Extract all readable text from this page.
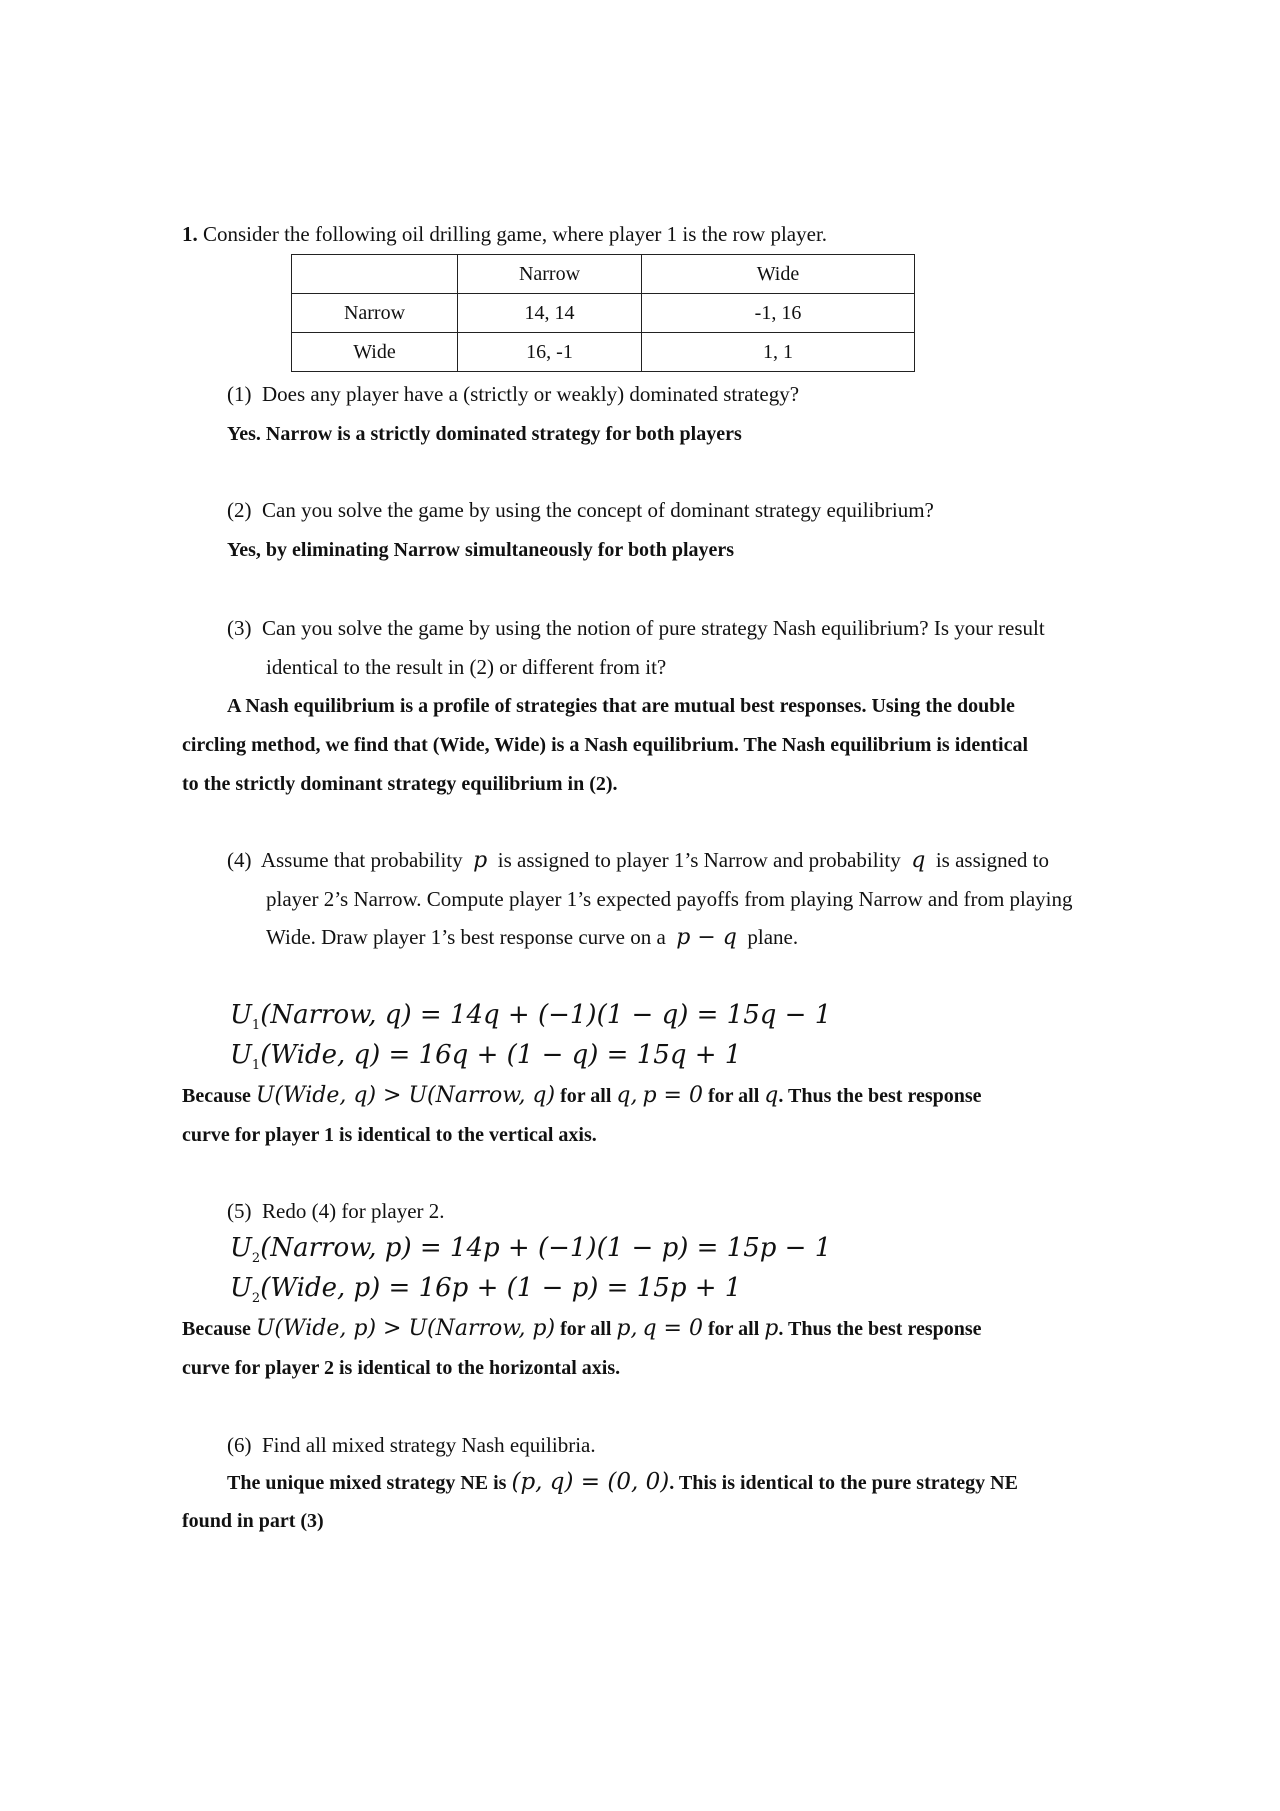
1. Consider the following oil drilling game, where player 1 is the row player.
	Narrow	Wide
Narrow	14, 14	-1, 16
Wide	16, -1	1, 1
(1) Does any player have a (strictly or weakly) dominated strategy?
Yes. Narrow is a strictly dominated strategy for both players
(2) Can you solve the game by using the concept of dominant strategy equilibrium?
Yes, by eliminating Narrow simultaneously for both players
(3) Can you solve the game by using the notion of pure strategy Nash equilibrium? Is your result
identical to the result in (2) or different from it?
A Nash equilibrium is a profile of strategies that are mutual best responses. Using the double
circling method, we find that (Wide, Wide) is a Nash equilibrium. The Nash equilibrium is identical
to the strictly dominant strategy equilibrium in (2).
(4) Assume that probability p is assigned to player 1’s Narrow and probability q is assigned to
player 2’s Narrow. Compute player 1’s expected payoffs from playing Narrow and from playing
Wide. Draw player 1’s best response curve on a p − q plane.
$U_1(Narrow$, q) = 14q + (−1)(1 − q) = 15q − 1
$U_1(Wide$, q) = 16q + (1 − q) = 15q + 1
Because U(Wide, q) > U(Narrow, q) for all q, p = 0 for all q. Thus the best response
curve for player 1 is identical to the vertical axis.
(5) Redo (4) for player 2.
$U_2(Narrow$, p) = 14p + (−1)(1 − p) = 15p − 1
$U_2(Wide$, p) = 16p + (1 − p) = 15p + 1
Because U(Wide, p) > U(Narrow, p) for all p, q = 0 for all p. Thus the best response
curve for player 2 is identical to the horizontal axis.
(6) Find all mixed strategy Nash equilibria.
The unique mixed strategy NE is (p, q) = (0, 0). This is identical to the pure strategy NE
found in part (3)
